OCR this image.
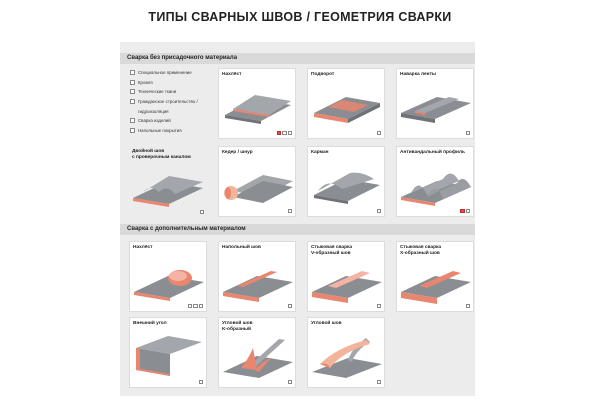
ТИПЫ СВАРНЫХ ШВОВ / ГЕОМЕТРИЯ СВАРКИ
Сварка без присадочного материала
Сварка с дополнительным материалом
Специальное применение
Кровля
Технические ткани
Гражданское строительство /
гидроизоляция
Сварка изделий
Напольные покрытия
Нахлёст	Подворот	Наварка ленты
Двойной шов
с проверочным каналом
Кедер / шнур	Карман	Антивандальный профиль
Нахлёст	Напольный шов	Стыковая сварка
V-образный шов
Стыковая сварка
X-образный шов
Внешний угол	Угловой шов
K-образный
Угловой шов
